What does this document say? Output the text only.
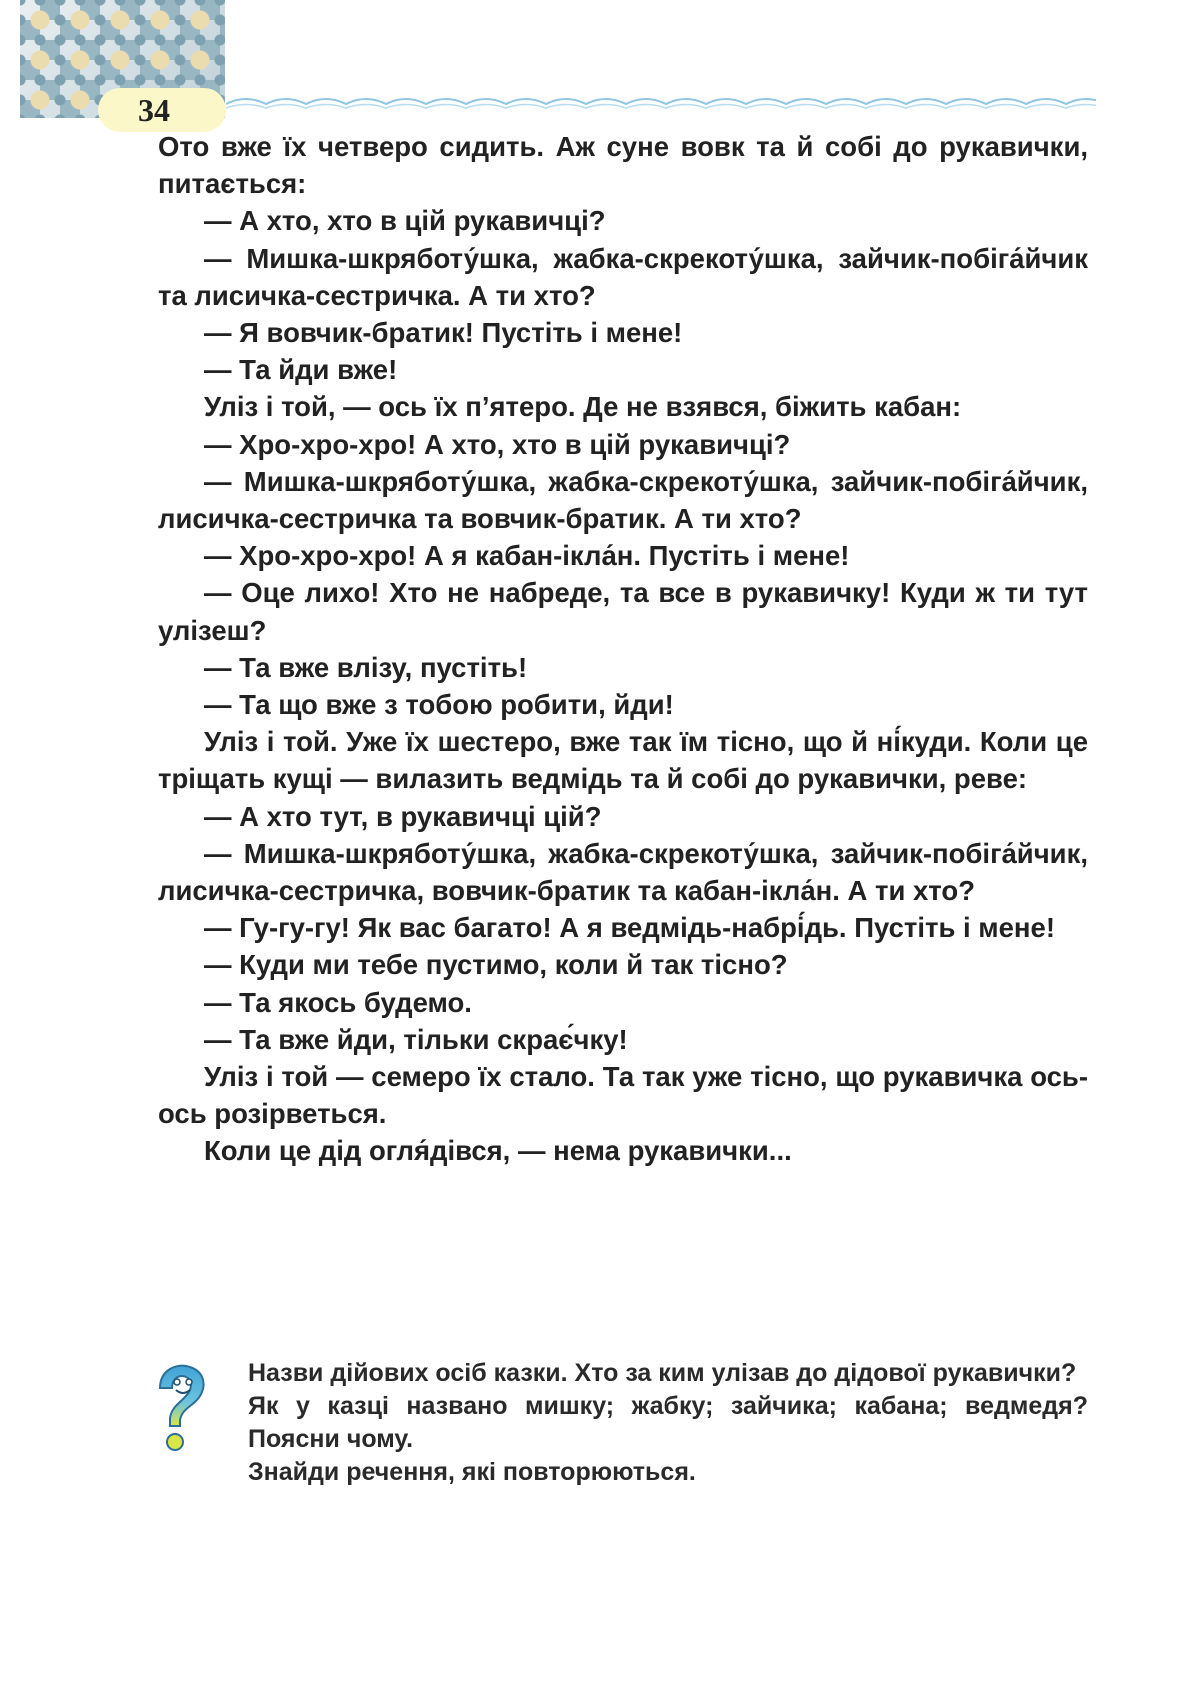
34

Ото вже їх четверо сидить. Аж суне вовк та й собі до рукавички, питається:

— А хто, хто в цій рукавичці?

— Мишка-шкряботу́шка, жабка-скрекоту́шка, зайчик-побіга́йчик та лисичка-сестричка. А ти хто?

— Я вовчик-братик! Пустіть і мене!

— Та йди вже!

Уліз і той, — ось їх п’ятеро. Де не взявся, біжить кабан:

— Хро-хро-хро! А хто, хто в цій рукавичці?

— Мишка-шкряботу́шка, жабка-скрекоту́шка, зайчик-побіга́йчик, лисичка-сестричка та вовчик-братик. А ти хто?

— Хро-хро-хро! А я кабан-ікла́н. Пустіть і мене!

— Оце лихо! Хто не набреде, та все в рукавичку! Куди ж ти тут улізеш?

— Та вже влізу, пустіть!

— Та що вже з тобою робити, йди!

Уліз і той. Уже їх шестеро, вже так їм тісно, що й ні́куди. Коли це тріщать кущі — вилазить ведмідь та й собі до рукавички, реве:

— А хто тут, в рукавичці цій?

— Мишка-шкряботу́шка, жабка-скрекоту́шка, зайчик-побіга́йчик, лисичка-сестричка, вовчик-братик та кабан-ікла́н. А ти хто?

— Гу-гу-гу! Як вас багато! А я ведмідь-набрі́дь. Пустіть і мене!

— Куди ми тебе пустимо, коли й так тісно?

— Та якось будемо.

— Та вже йди, тільки скрає́чку!

Уліз і той — семеро їх стало. Та так уже тісно, що рукавичка ось-ось розірветься.

Коли це дід огля́дівся, — нема рукавички...

Назви дійових осіб казки. Хто за ким улізав до дідової рукавички?

Як у казці названо мишку; жабку; зайчика; кабана; ведмедя? Поясни чому.

Знайди речення, які повторюються.
